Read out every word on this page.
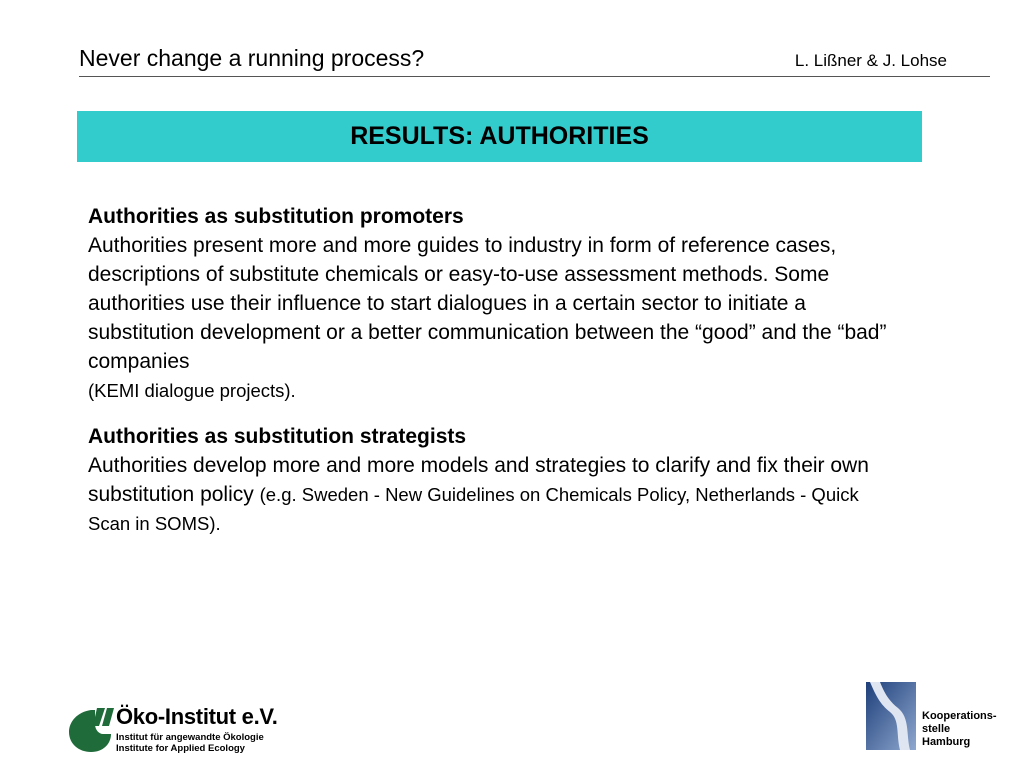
Never change a running process?	L. Lißner & J. Lohse
RESULTS: AUTHORITIES

Authorities as substitution promoters
Authorities present more and more guides to industry in form of reference cases, descriptions of substitute chemicals or easy-to-use assessment methods. Some authorities use their influence to start dialogues in a certain sector to initiate a substitution development or a better communication between the “good” and the “bad” companies
(KEMI dialogue projects).

Authorities as substitution strategists
Authorities develop more and more models and strategies to clarify and fix their own substitution policy (e.g. Sweden - New Guidelines on Chemicals Policy, Netherlands - Quick Scan in SOMS).

Öko-Institut e.V.
Institut für angewandte Ökologie
Institute for Applied Ecology
Kooperations-
stelle
Hamburg
